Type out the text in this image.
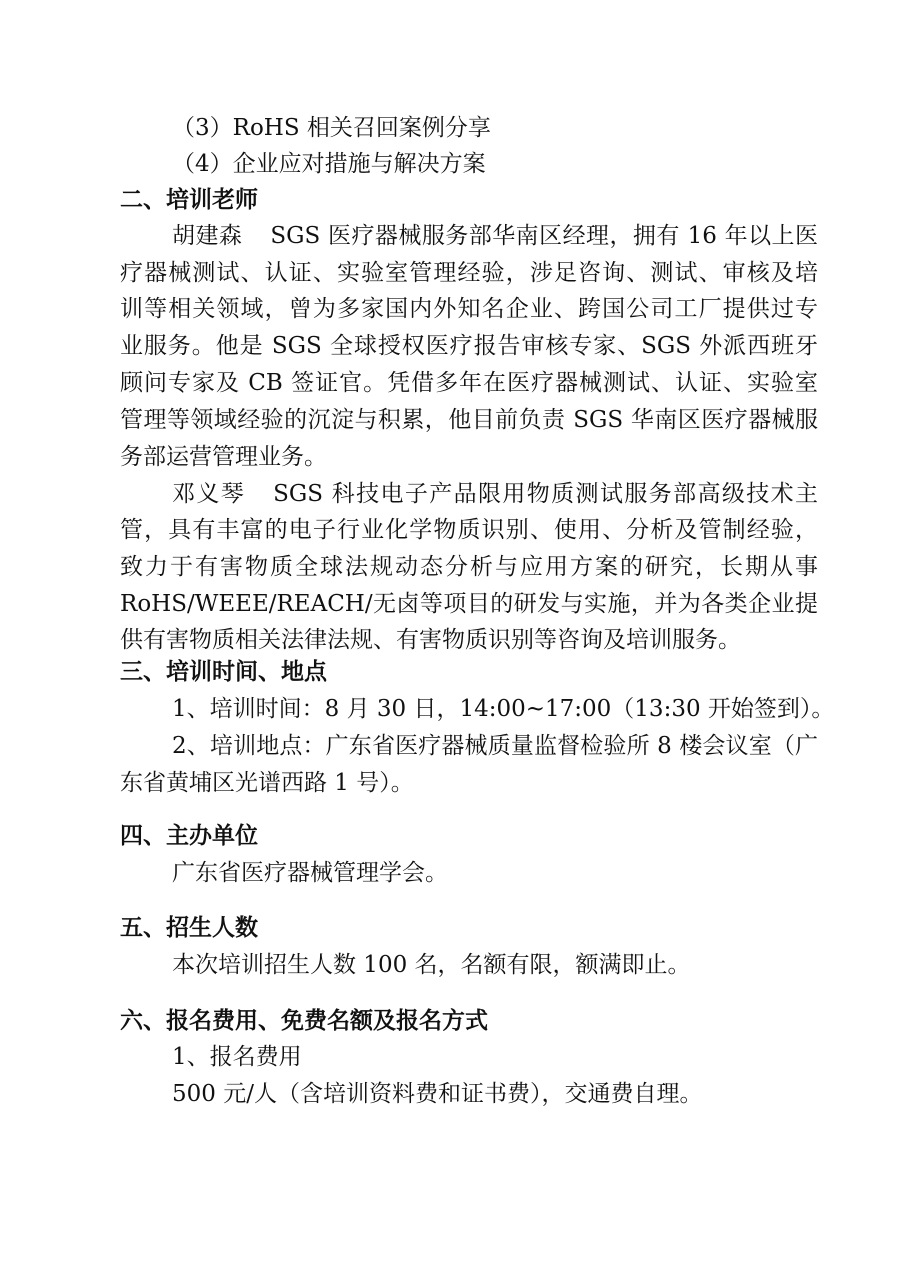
（3）RoHS 相关召回案例分享
（4）企业应对措施与解决方案
二、培训老师
胡建森 SGS 医疗器械服务部华南区经理，拥有 16 年以上医
疗器械测试、认证、实验室管理经验，涉足咨询、测试、审核及培
训等相关领域，曾为多家国内外知名企业、跨国公司工厂提供过专
业服务。他是 SGS 全球授权医疗报告审核专家、SGS 外派西班牙
顾问专家及 CB 签证官。凭借多年在医疗器械测试、认证、实验室
管理等领域经验的沉淀与积累，他目前负责 SGS 华南区医疗器械服
务部运营管理业务。
邓义琴 SGS 科技电子产品限用物质测试服务部高级技术主
管，具有丰富的电子行业化学物质识别、使用、分析及管制经验，
致力于有害物质全球法规动态分析与应用方案的研究，长期从事
RoHS/WEEE/REACH/无卤等项目的研发与实施，并为各类企业提
供有害物质相关法律法规、有害物质识别等咨询及培训服务。
三、培训时间、地点
1、培训时间：8 月 30 日，14:00~17:00（13:30 开始签到）。
2、培训地点：广东省医疗器械质量监督检验所 8 楼会议室（广
东省黄埔区光谱西路 1 号）。
四、主办单位
广东省医疗器械管理学会。
五、招生人数
本次培训招生人数 100 名，名额有限，额满即止。
六、报名费用、免费名额及报名方式
1、报名费用
500 元/人（含培训资料费和证书费），交通费自理。
